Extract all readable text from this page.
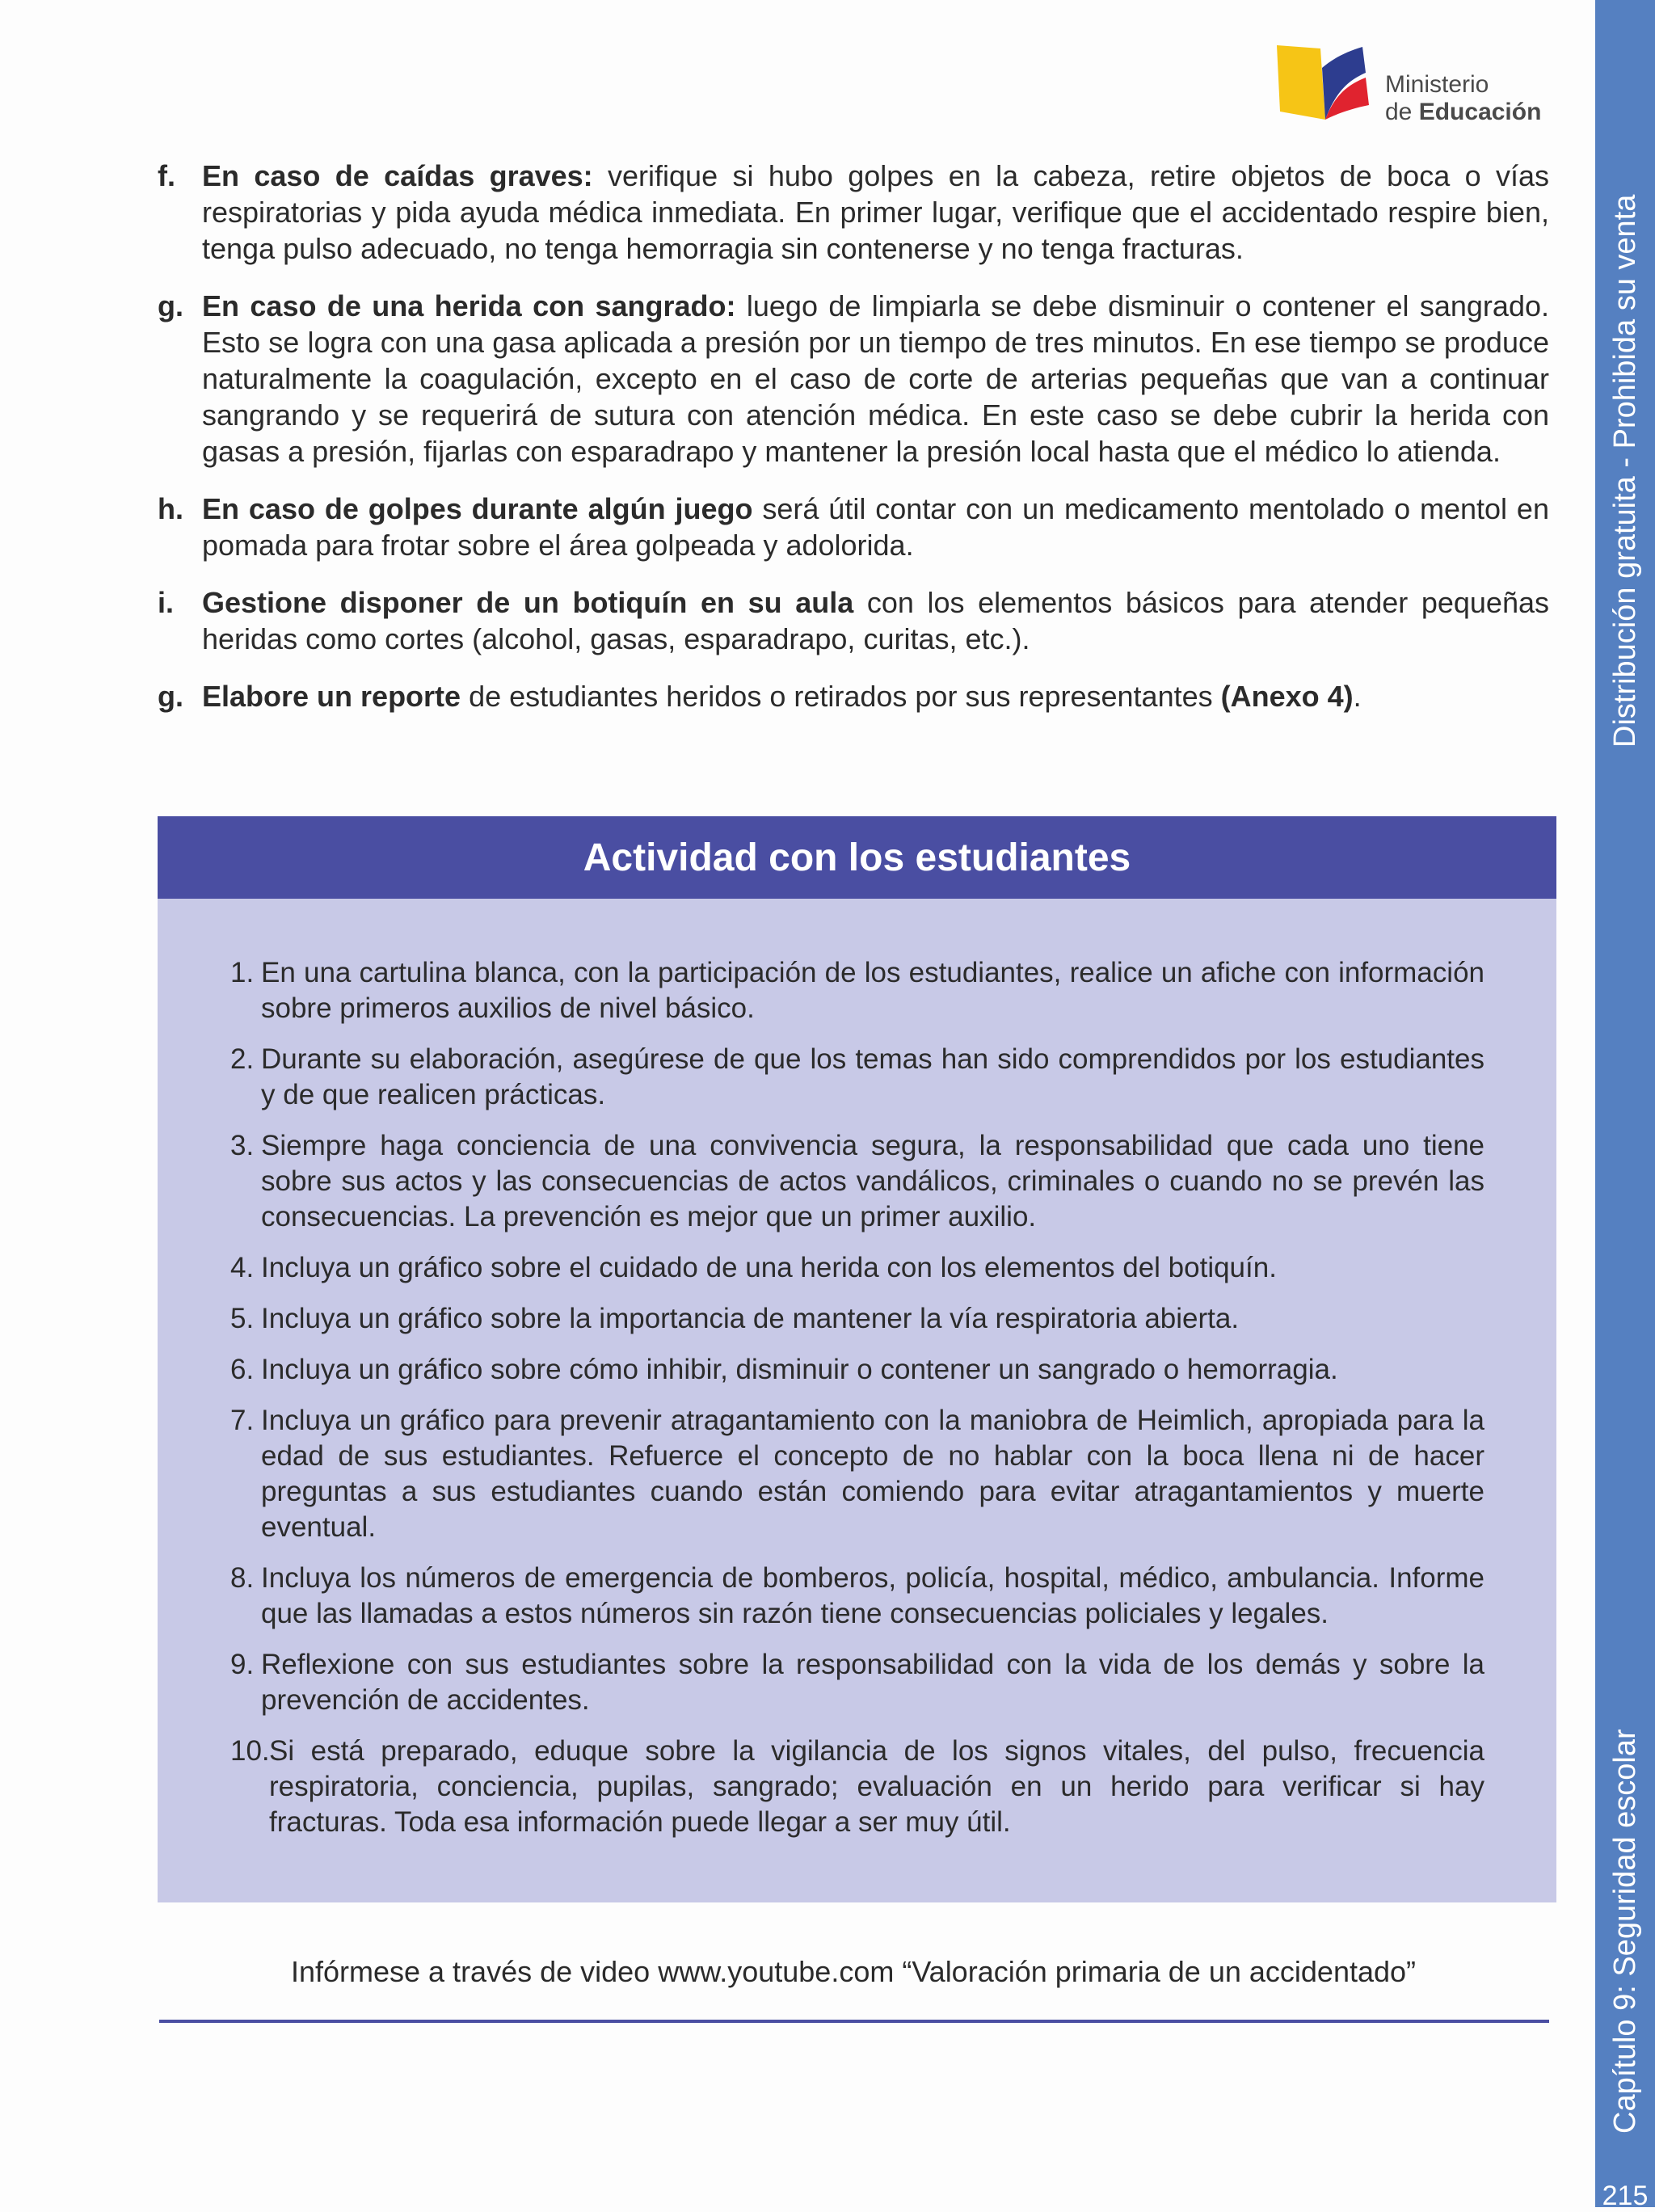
Ministerio
de Educación
Distribución gratuita - Prohibida su venta
Capítulo 9: Seguridad escolar
215
f. En caso de caídas graves: verifique si hubo golpes en la cabeza, retire objetos de boca o vías respiratorias y pida ayuda médica inmediata. En primer lugar, verifique que el accidentado respire bien, tenga pulso adecuado, no tenga hemorragia sin contenerse y no tenga fracturas.
g. En caso de una herida con sangrado: luego de limpiarla se debe disminuir o contener el sangrado. Esto se logra con una gasa aplicada a presión por un tiempo de tres minutos. En ese tiempo se produce naturalmente la coagulación, excepto en el caso de corte de arterias pequeñas que van a continuar sangrando y se requerirá de sutura con atención médica. En este caso se debe cubrir la herida con gasas a presión, fijarlas con esparadrapo y mantener la presión local hasta que el médico lo atienda.
h. En caso de golpes durante algún juego será útil contar con un medicamento mentolado o mentol en pomada para frotar sobre el área golpeada y adolorida.
i. Gestione disponer de un botiquín en su aula con los elementos básicos para atender pequeñas heridas como cortes (alcohol, gasas, esparadrapo, curitas, etc.).
g. Elabore un reporte de estudiantes heridos o retirados por sus representantes (Anexo 4).
Actividad con los estudiantes
1. En una cartulina blanca, con la participación de los estudiantes, realice un afiche con información sobre primeros auxilios de nivel básico.
2. Durante su elaboración, asegúrese de que los temas han sido comprendidos por los estudiantes y de que realicen prácticas.
3. Siempre haga conciencia de una convivencia segura, la responsabilidad que cada uno tiene sobre sus actos y las consecuencias de actos vandálicos, criminales o cuando no se prevén las consecuencias. La prevención es mejor que un primer auxilio.
4. Incluya un gráfico sobre el cuidado de una herida con los elementos del botiquín.
5. Incluya un gráfico sobre la importancia de mantener la vía respiratoria abierta.
6. Incluya un gráfico sobre cómo inhibir, disminuir o contener un sangrado o hemorragia.
7. Incluya un gráfico para prevenir atragantamiento con la maniobra de Heimlich, apropiada para la edad de sus estudiantes. Refuerce el concepto de no hablar con la boca llena ni de hacer preguntas a sus estudiantes cuando están comiendo para evitar atragantamientos y muerte eventual.
8. Incluya los números de emergencia de bomberos, policía, hospital, médico, ambulancia. Informe que las llamadas a estos números sin razón tiene consecuencias policiales y legales.
9. Reflexione con sus estudiantes sobre la responsabilidad con la vida de los demás y sobre la prevención de accidentes.
10. Si está preparado, eduque sobre la vigilancia de los signos vitales, del pulso, frecuencia respiratoria, conciencia, pupilas, sangrado; evaluación en un herido para verificar si hay fracturas. Toda esa información puede llegar a ser muy útil.
Infórmese a través de video www.youtube.com “Valoración primaria de un accidentado”
